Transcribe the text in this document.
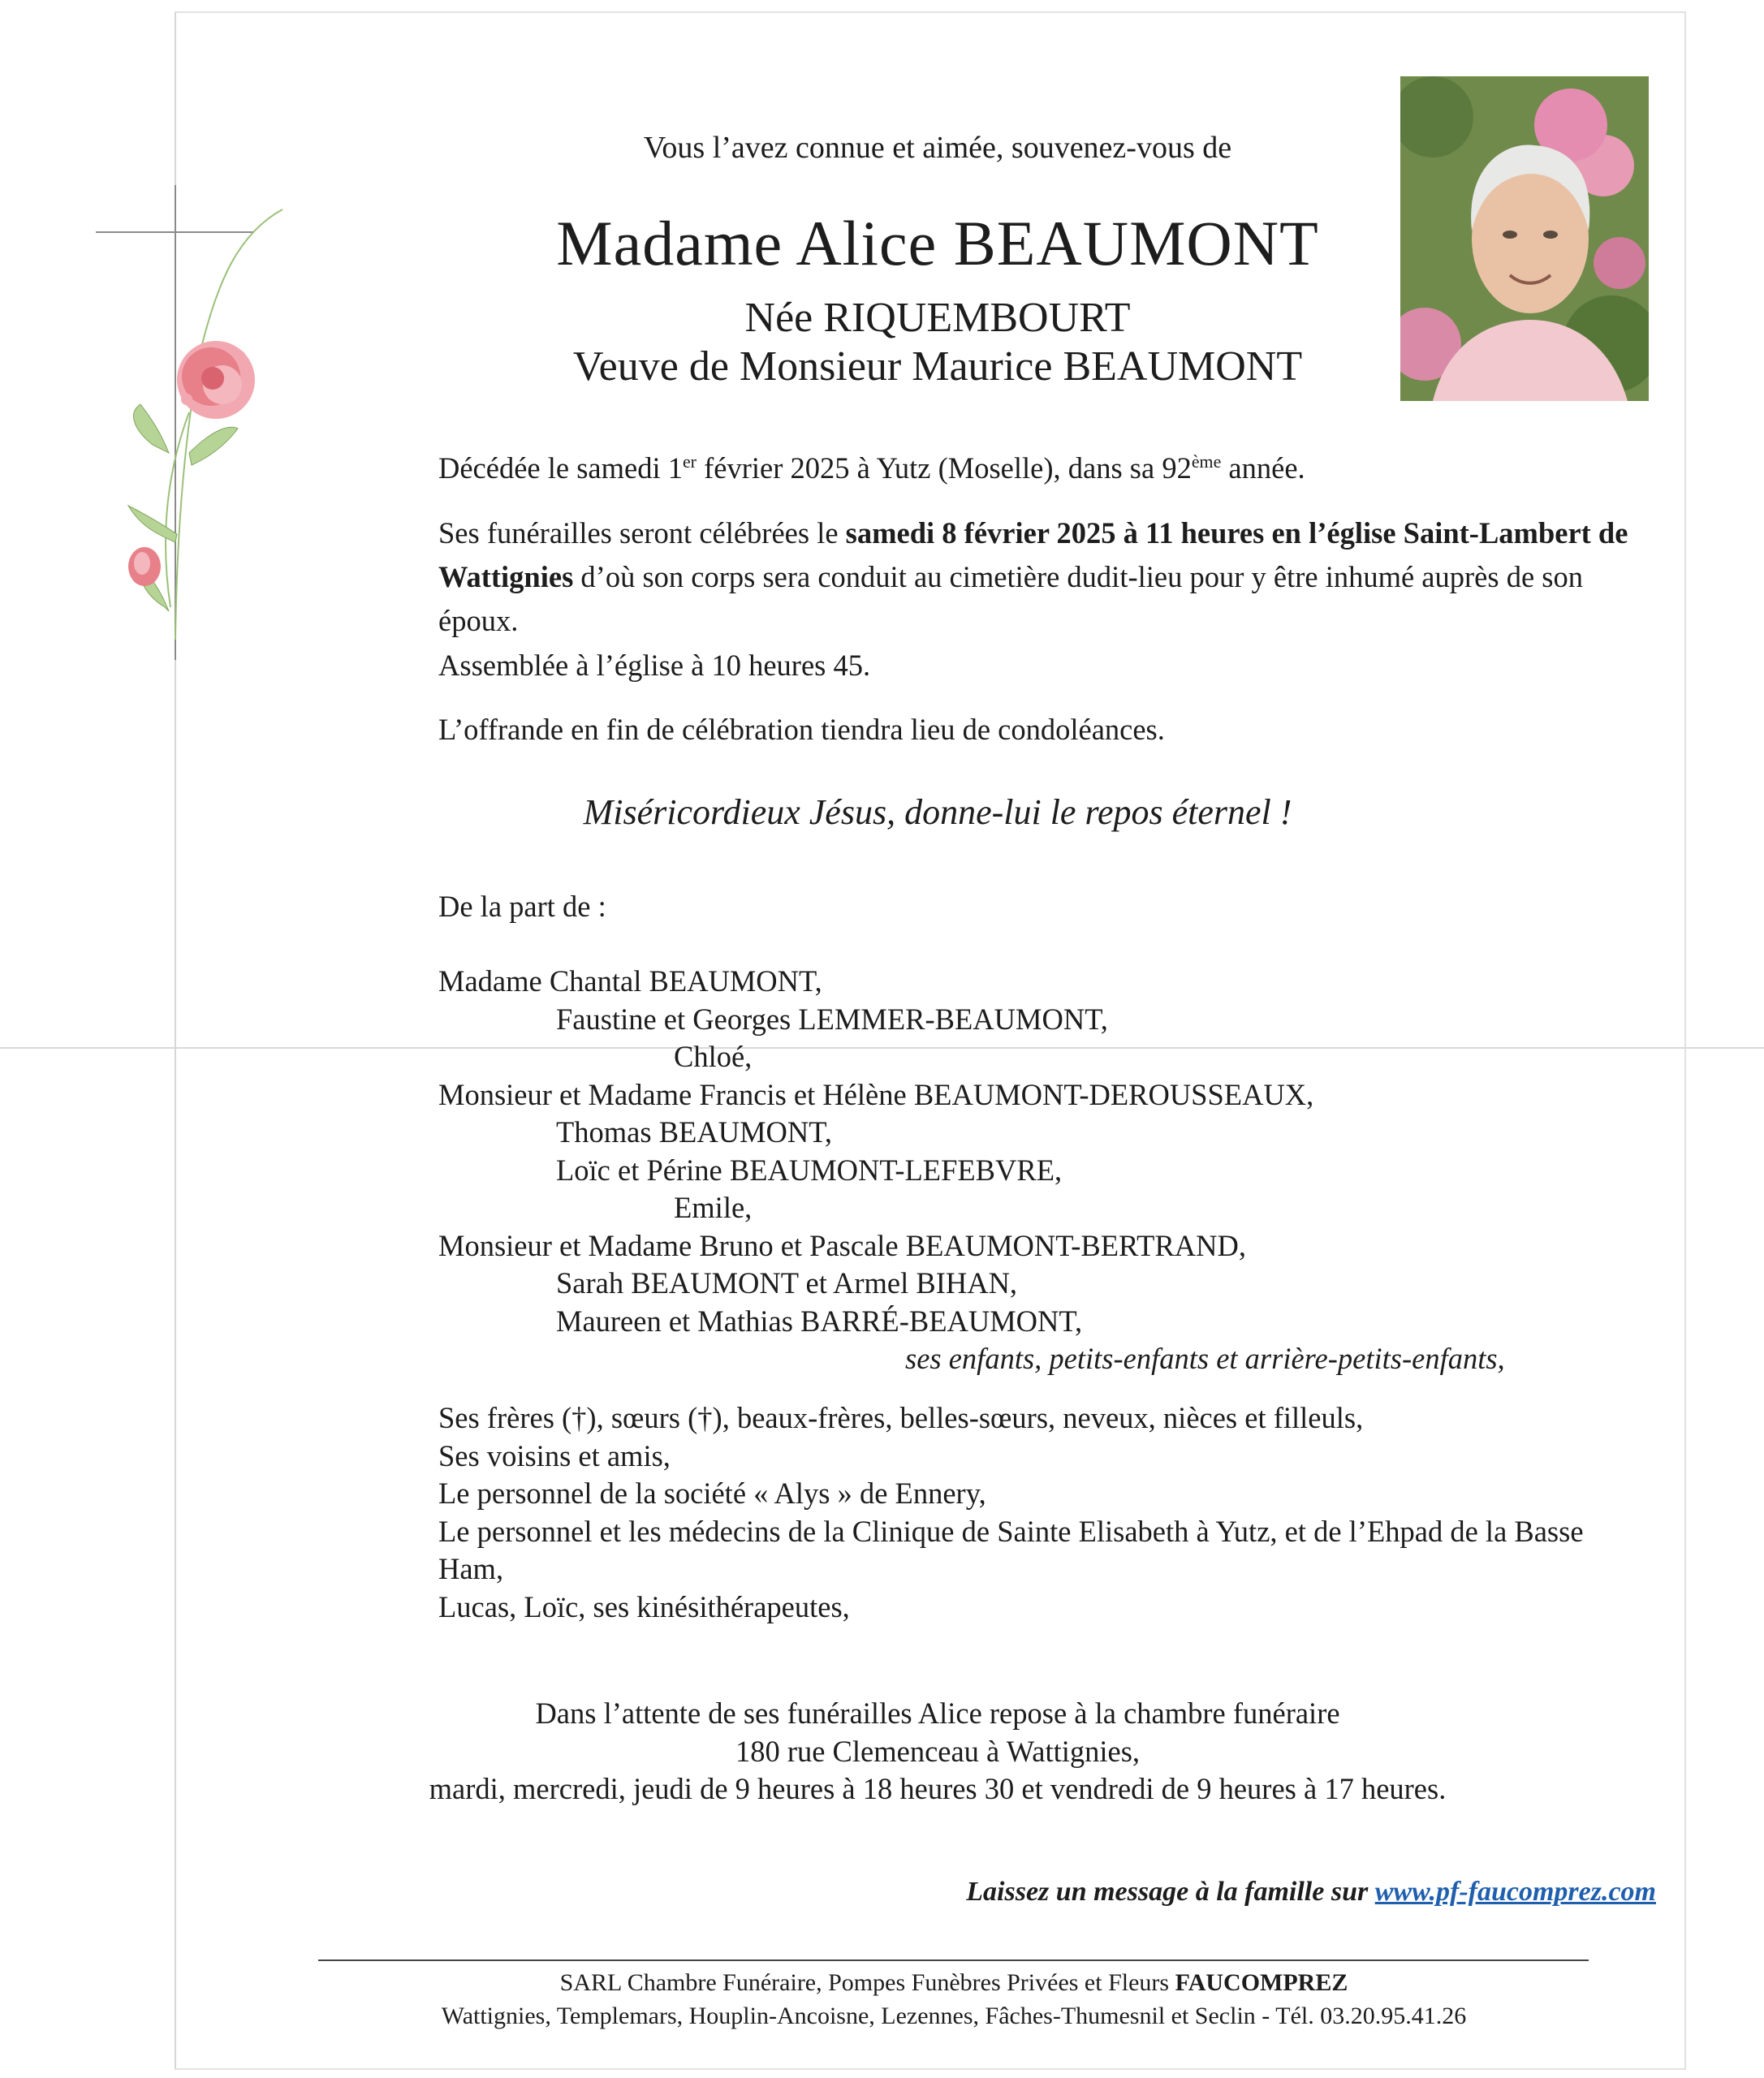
Vous l’avez connue et aimée, souvenez-vous de
Madame Alice BEAUMONT
Née RIQUEMBOURT
Veuve de Monsieur Maurice BEAUMONT
Décédée le samedi 1er février 2025 à Yutz (Moselle), dans sa 92ème année.
Ses funérailles seront célébrées le samedi 8 février 2025 à 11 heures en l’église Saint-Lambert de Wattignies d’où son corps sera conduit au cimetière dudit-lieu pour y être inhumé auprès de son époux.
Assemblée à l’église à 10 heures 45.
L’offrande en fin de célébration tiendra lieu de condoléances.
Miséricordieux Jésus, donne-lui le repos éternel !
De la part de :
Madame Chantal BEAUMONT,
Faustine et Georges LEMMER-BEAUMONT,
Chloé,
Monsieur et Madame Francis et Hélène BEAUMONT-DEROUSSEAUX,
Thomas BEAUMONT,
Loïc et Périne BEAUMONT-LEFEBVRE,
Emile,
Monsieur et Madame Bruno et Pascale BEAUMONT-BERTRAND,
Sarah BEAUMONT et Armel BIHAN,
Maureen et Mathias BARRÉ-BEAUMONT,
ses enfants, petits-enfants et arrière-petits-enfants,
Ses frères (†), sœurs (†), beaux-frères, belles-sœurs, neveux, nièces et filleuls,
Ses voisins et amis,
Le personnel de la société « Alys » de Ennery,
Le personnel et les médecins de la Clinique de Sainte Elisabeth à Yutz, et de l’Ehpad de la Basse Ham,
Lucas, Loïc, ses kinésithérapeutes,
Dans l’attente de ses funérailles Alice repose à la chambre funéraire
180 rue Clemenceau à Wattignies,
mardi, mercredi, jeudi de 9 heures à 18 heures 30 et vendredi de 9 heures à 17 heures.
Laissez un message à la famille sur www.pf-faucomprez.com
SARL Chambre Funéraire, Pompes Funèbres Privées et Fleurs FAUCOMPREZ
Wattignies, Templemars, Houplin-Ancoisne, Lezennes, Fâches-Thumesnil et Seclin - Tél. 03.20.95.41.26
